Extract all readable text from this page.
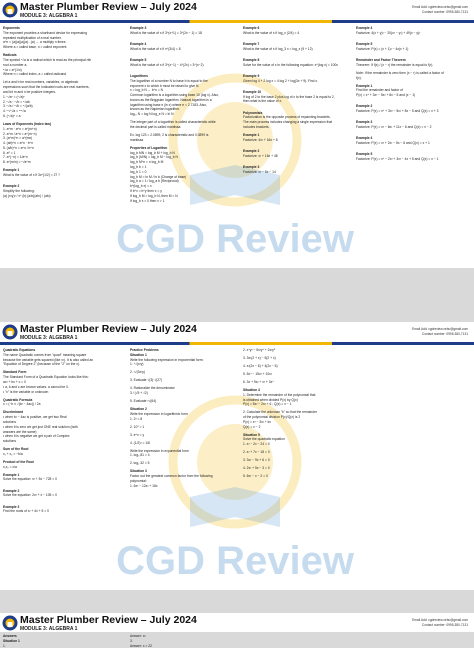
Master Plumber Review – July 2024
MODULE 3: ALGEBRA 1
Email Add: cgdreview.cebu@gmail.com
Contact number: 0995-380-7131
CGD Review
Exponents
The exponent provides a shorthand device for expressing
repeated multiplication of a real number.
a^n = (a)(a)(a)(a)...(a) → a multiply n times
Where a = called base, n = called exponent
Radicals
The symbol ⁿ√a is a radical which is read as the principal nth
root a number a.
ⁿ√a = a^(1/n)
Where n = called index, a = called radicand
Let a and b be real numbers, variables, or algebraic
expressions such that the indicated roots are real numbers,
and let m and n be positive integers.
1. ⁿ√aⁿ = (ⁿ√a)ⁿ
2. ⁿ√a · ⁿ√b = ⁿ√ab
3. ⁿ√a / ⁿ√b = ⁿ√(a/b)
4. ᵐ√ⁿ√a = ᵐⁿ√a
5. (ⁿ√a)ⁿ = a
Laws of Exponents (Index law)
1. a^m · a^n = a^(m+n)
2. a^m / a^n = a^(m−n)
3. (a^m)^n = a^(mn)
4. (ab)^n = a^n · b^n
5. (a/b)^n = a^n / b^n
6. a⁰ = 1
7. a^(−n) = 1/a^n
8. a^(m/n) = ⁿ√a^m
Example 1
What is the value of x if 3x^(1/2) = 27 ?
Example 2
Simplify the following:
(a) (x²y)³ / x⁴ (b) (a²b)(ab³) / (ab)²
Example 3
What is the value of x if 3^(x+1) = 3^(2x − 1) = 18
Example 4
What is the value of x if x^(3/4) = 8
Example 5
What is the value of x if 3^(x−1) − 4^(2x) = 3^(x−2)
Logarithms
The logarithm of a number N to base b is equal to the
exponent x to which b must be raised to give N.
x = log_b N ⇔ b^x = N
Common logarithm is a logarithm using base 10 (log x). Also,
known as the Briggsian logarithm. Natural logarithm is a
logarithm using base e (ln x) where e = 2.7183. Also,
known as the Napierian logarithm.
log₁₀ N = log N log_e N = ln N
The integer part of a logarithm is called characteristic while
the decimal part is called mantissa.
Ex. log 123 = 2.0899, 2 is characteristic and 0.0899 is
mantissa
Properties of Logarithm
log_b MN = log_b M + log_b N
log_b (M/N) = log_b M − log_b N
log_b M^n = n log_b M
log_b b = 1
log_b 1 = 0
log_b M = ln M / ln b (Change of base)
log_b a = 1 / log_a b (Reciprocal)
b^(log_b x) = x
If b^x = b^y then x = y
If log_b M = log_b N, then M = N
If log_b x > 0 then x > 1
Example 6
What is the value of x if log_x (2/4) = 4
Example 7
What is the value of x if log_3 x = log_x (9 + 12)
Example 8
Solve for the value of x in the following equation: x^(log x) = 100x
Example 9
Given log 4 + 2 log x = 4 log 2 + log(3x + 9). Find x.
Example 10
If log of 2 to the base 2 plus log of x to the base 2 is equal to 2,
then what is the value of x.
Polynomials
Factorization is the opposite process of expanding brackets.
The main process includes changing a single expression that
includes brackets.
Example 1
Factorize: 4x² + 16x + 8
Example 2
Factorize: x² + 16x + 48
Example 3
Factorize: x² − 5x − 14
Example 4
Factorize: 4(x + y)² − 20(x² − y²) + 49(x − y)²
Example 5
Factorize: P(x) = (x + 1)² − 4x(x + 1)
Remainder and Factor Theorem
Theorem: If f(x) / (x − r) the remainder is equal to f(r).
Note: If the remainder is zero then (x − r) is called a factor of
f(x).
Example 1
Find the remainder and factor of
P(x) = x⁴ + 3x³ − 5x² + 8x − 5 and (x − 1)
Example 2
Factorize: P(x) = x⁴ + 3x³ − 5x² + 8x − 5 and Q(x) = x + 3
Example 3
Factorize: P(x) = x³ − 6x² + 11x − 6 and Q(x) = x − 2
Example 4
Factorize: P(x) = x³ + 2x² − 5x − 6 and Q(x) = x + 1
Example 5
Factorize: P(x) = x⁴ − 2x³ + 3x² − 4x + 5 and Q(x) = x − 1
Master Plumber Review – July 2024
MODULE 3: ALGEBRA 1
Email Add: cgdreview.cebu@gmail.com
Contact number: 0995-380-7131
CGD Review
Quadratic Equations
The name Quadratic comes from "quad" meaning square
because the variable gets squared (like x²). It is also called an
"Equation of Degree 2" (because of the "2" on the x).
Standard Form
The Standard Form of a Quadratic Equation looks like this:
ax² + bx + c = 0
• a, b and c are known values. a cannot be 0.
• "x" is the variable or unknown
Quadratic Formula
x = (−b ± √(b² − 4ac)) / 2a
Discriminant
• when b² − 4ac is positive, we get two Real
solutions
• when it is zero we get just ONE real solution (both
answers are the same)
• when it is negative we get a pair of Complex
solutions
Sum of the Root
x₁ + x₂ = −b/a
Product of the Root
x₁x₂ = c/a
Example 1
Solve the equation: x² + 5x − 728 = 0
Example 2
Solve the equation: 2x² + x − 105 = 0
Example 3
Find the roots of x² + 4x + 5 = 0
Practice Problems
Situation 1
Write the following expression in exponential form:
1. ⁴√(x³y)
2. ³√(3x²y)
3. Evaluate √(3)·√(27)
4. Rationalize the denominator
3 / (√5 + √2)
5. Evaluate ³√(64)
Situation 2
Write the expression in logarithmic form
1. 2³ = 8
2. 10⁰ = 1
3. e^x = y
4. (1/2)³ = 1/8
Write the expression in exponential form
1. log₃ 81 = 4
2. log₂ 32 = 5
Situation 3
Factor out the greatest common factor from the following
polynomial:
1. 6x³ − 12x² + 18x
2. x⁴y³ − 5x³y⁴ + 2x²y⁵
3. 3x²(2 + x) − 5(2 + x)
4. x²(2x − 6) + 4(2x − 6)
5. 5x⁴ − 15x³ + 10x²
6. 3x + 9x² + x³ + 3x⁴
Situation 4
1. Determine the remainder of the polynomial that
is obtained when divided P(x) by Q(x)
P(x) = 5x³ − 2x² + 6 ; Q(x) = x − 1
2. Calculate the unknown "k" so that the remainder
of the polynomial division P(x)/Q(x) is 2
P(x) = x³ − 3x² + kx
Q(x) = x − 2
Situation 5
Solve the quadratic equation
1. x² − 2x − 24 = 0
2. x² + 7x − 18 = 0
3. 3x² − 9x + 6 = 0
4. 2x² + 5x − 3 = 0
5. 6x² − x − 2 = 0
Master Plumber Review – July 2024
MODULE 3: ALGEBRA 1
Email Add: cgdreview.cebu@gmail.com
Contact number: 0995-380-7131
Answers
Situation 1
1.
Answer: x²
3.
Answer: x = 22
